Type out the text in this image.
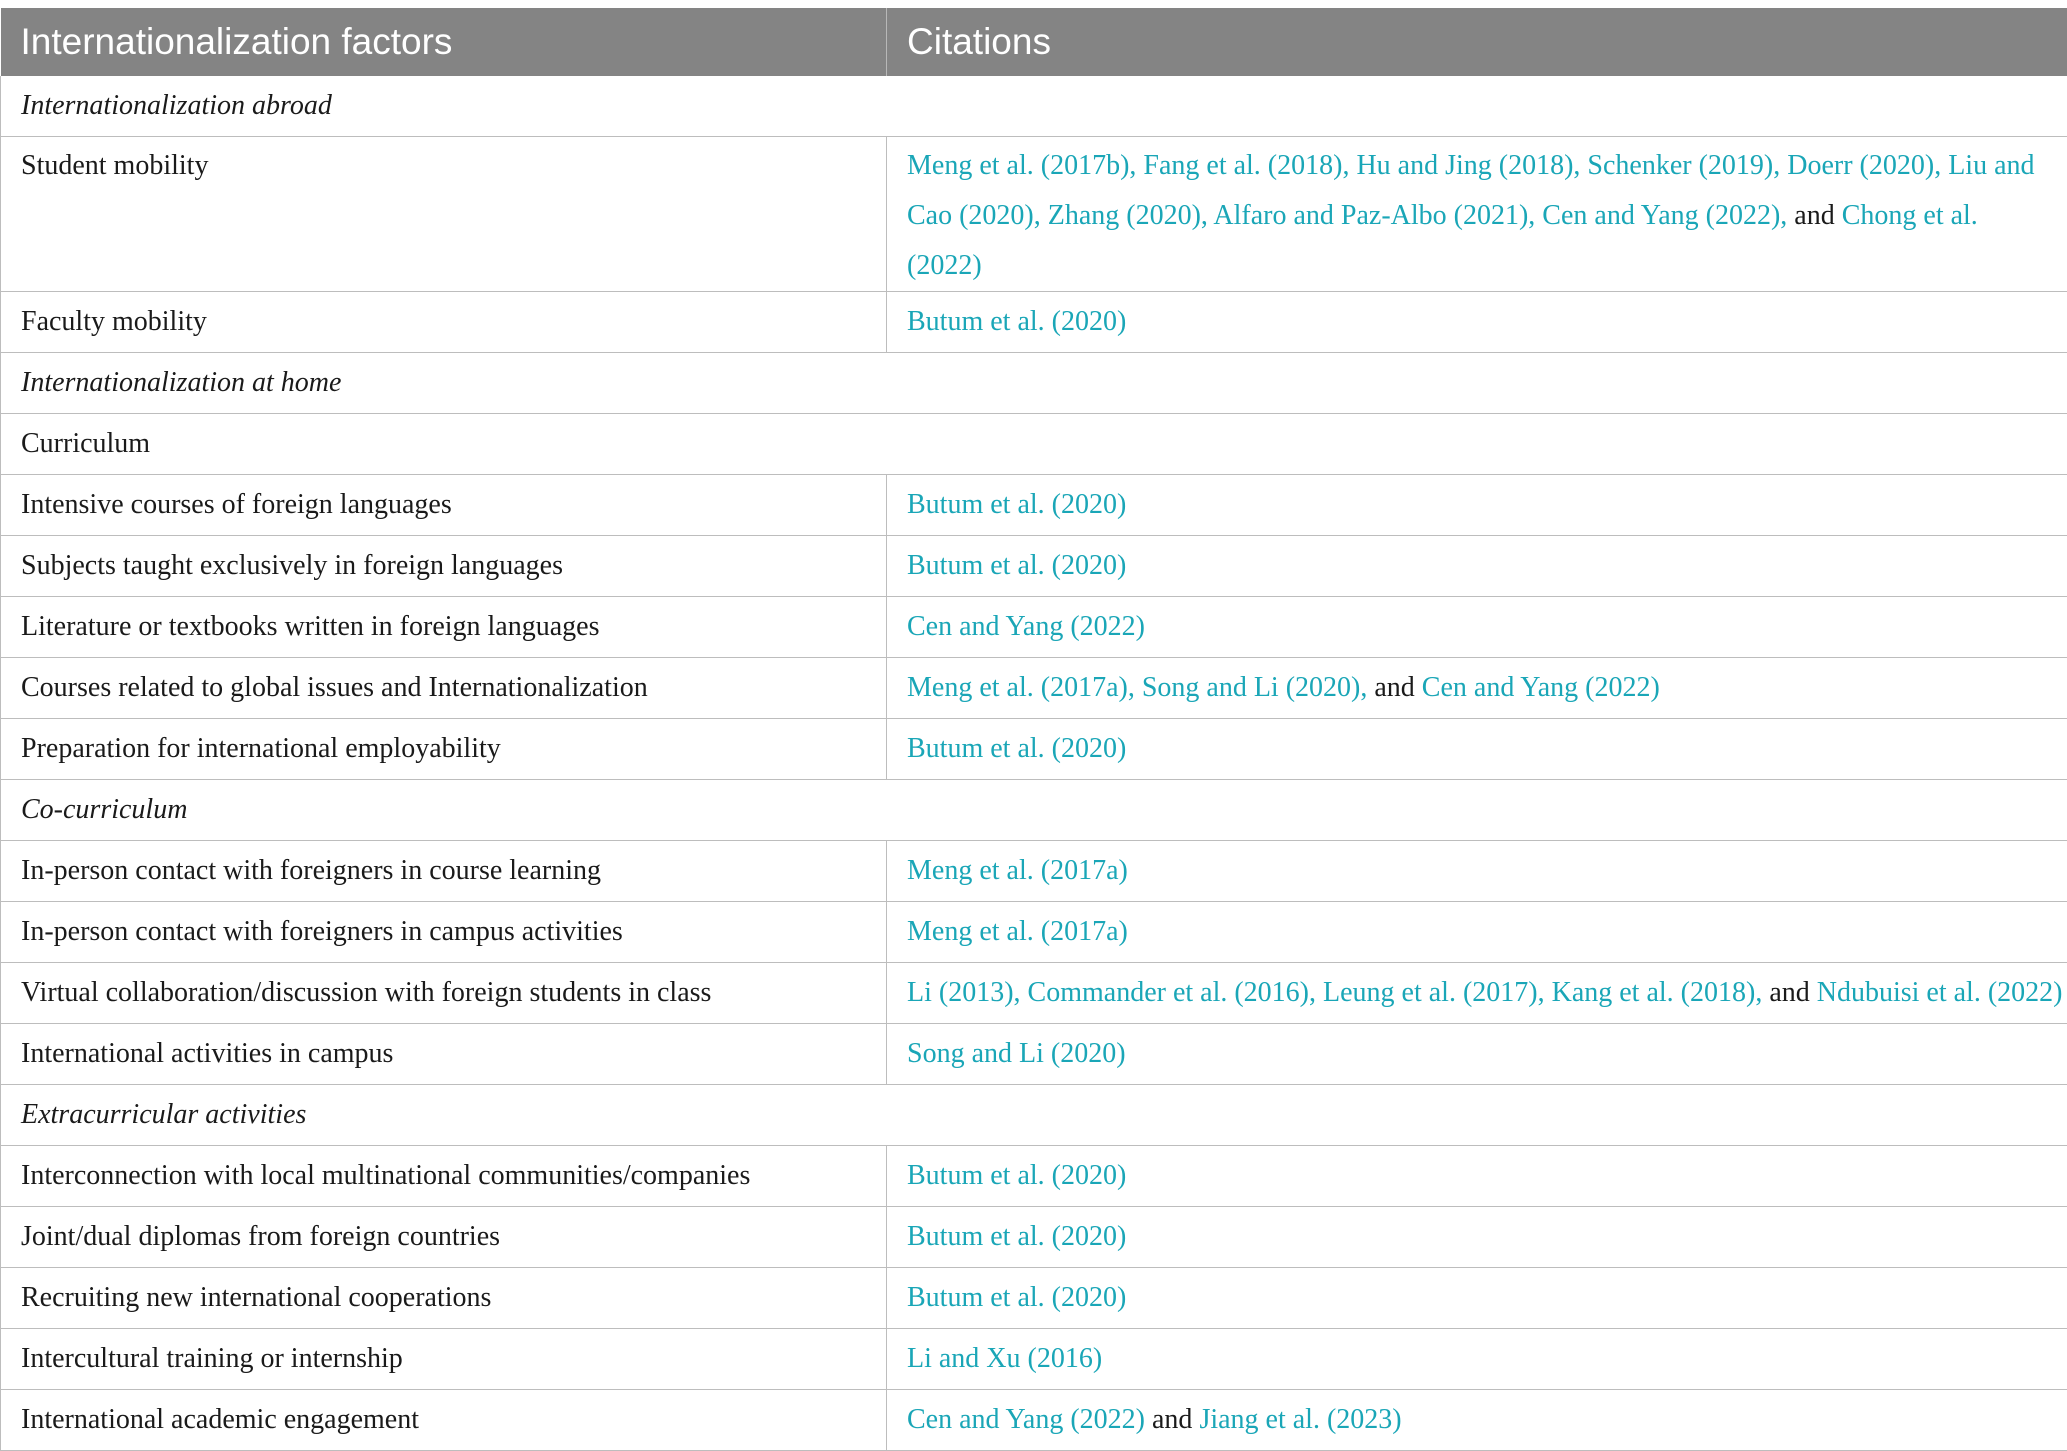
Internationalization factors	Citations
Internationalization abroad	
Student mobility	Meng et al. (2017b), Fang et al. (2018), Hu and Jing (2018), Schenker (2019), Doerr (2020), Liu and Cao (2020), Zhang (2020), Alfaro and Paz-Albo (2021), Cen and Yang (2022), and Chong et al. (2022)
Faculty mobility	Butum et al. (2020)
Internationalization at home	
Curriculum	
Intensive courses of foreign languages	Butum et al. (2020)
Subjects taught exclusively in foreign languages	Butum et al. (2020)
Literature or textbooks written in foreign languages	Cen and Yang (2022)
Courses related to global issues and Internationalization	Meng et al. (2017a), Song and Li (2020), and Cen and Yang (2022)
Preparation for international employability	Butum et al. (2020)
Co-curriculum	
In-person contact with foreigners in course learning	Meng et al. (2017a)
In-person contact with foreigners in campus activities	Meng et al. (2017a)
Virtual collaboration/discussion with foreign students in class	Li (2013), Commander et al. (2016), Leung et al. (2017), Kang et al. (2018), and Ndubuisi et al. (2022)
International activities in campus	Song and Li (2020)
Extracurricular activities	
Interconnection with local multinational communities/companies	Butum et al. (2020)
Joint/dual diplomas from foreign countries	Butum et al. (2020)
Recruiting new international cooperations	Butum et al. (2020)
Intercultural training or internship	Li and Xu (2016)
International academic engagement	Cen and Yang (2022) and Jiang et al. (2023)
